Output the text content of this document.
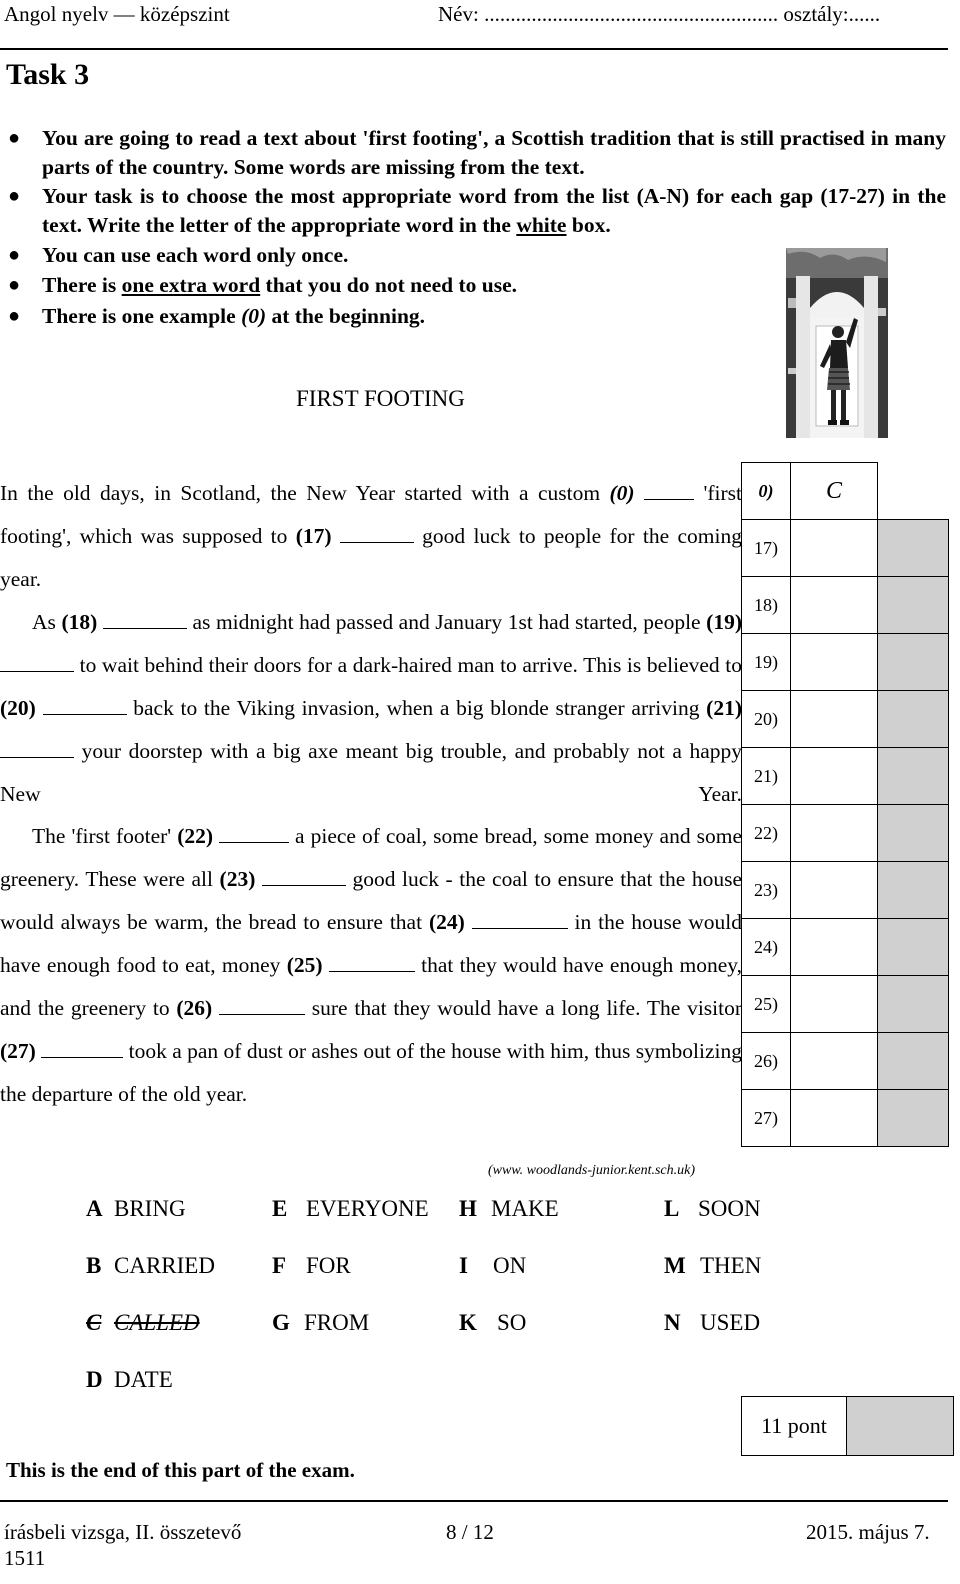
Angol nyelv — középszint	Név: ........................................................ osztály:......
Task 3
● You are going to read a text about 'first footing', a Scottish tradition that is still practised in many parts of the country. Some words are missing from the text.
● Your task is to choose the most appropriate word from the list (A-N) for each gap (17-27) in the text. Write the letter of the appropriate word in the white box.
● You can use each word only once.
● There is one extra word that you do not need to use.
● There is one example (0) at the beginning.
FIRST FOOTING
In the old days, in Scotland, the New Year started with a custom (0)	'first footing', which was supposed to (17)	good luck to people for the coming year.
As (18)	as midnight had passed and January 1st had started, people (19)  to wait behind their doors for a dark-haired man to arrive. This is believed to (20)	back to the Viking invasion, when a big blonde stranger arriving (21)  your doorstep with a big axe meant big trouble, and probably not a happy New Year.
The 'first footer' (22)	a piece of coal, some bread, some money and some greenery. These were all (23)	good luck - the coal to ensure that the house would always be warm, the bread to ensure that (24)	in the house would have enough food to eat, money (25)	that they would have enough money, and the greenery to (26)	sure that they would have a long life. The visitor (27)	took a pan of dust or ashes out of the house with him, thus symbolizing the departure of the old year.
0)	C	
17)		
18)		
19)		
20)		
21)		
22)		
23)		
24)		
25)		
26)		
27)		
(www. woodlands-junior.kent.sch.uk)
A BRING
B CARRIED
C CALLED
D DATE
E EVERYONE
F FOR
G FROM
H MAKE
I ON
K SO
L SOON
M THEN
N USED
11 pont	
This is the end of this part of the exam.
írásbeli vizsga, II. összetevő	8 / 12	2015. május 7.
1511
